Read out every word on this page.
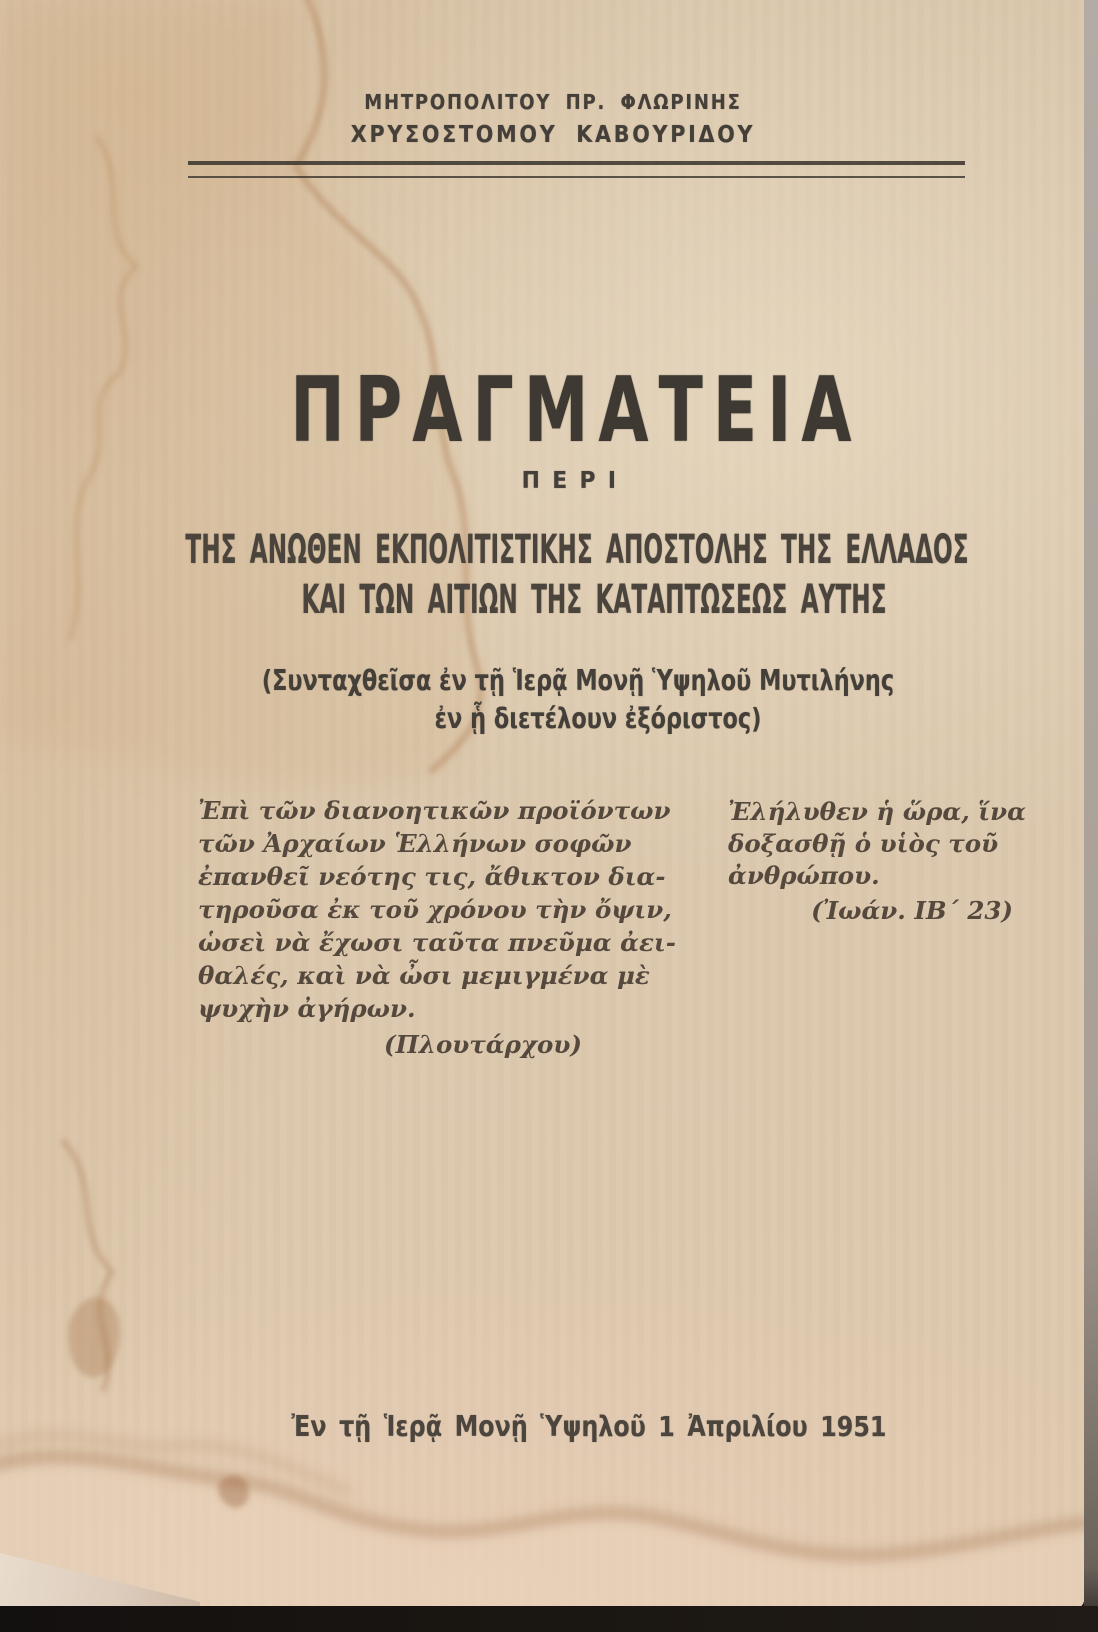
ΜΗΤΡΟΠΟΛΙΤΟΥ ΠΡ. ΦΛΩΡΙΝΗΣ
ΧΡΥΣΟΣΤΟΜΟΥ ΚΑΒΟΥΡΙΔΟΥ
ΠΡΑΓΜΑΤΕΙΑ
ΠΕΡΙ
ΤΗΣ ΑΝΩΘΕΝ ΕΚΠΟΛΙΤΙΣΤΙΚΗΣ ΑΠΟΣΤΟΛΗΣ ΤΗΣ ΕΛΛΑΔΟΣ
ΚΑΙ ΤΩΝ ΑΙΤΙΩΝ ΤΗΣ ΚΑΤΑΠΤΩΣΕΩΣ ΑΥΤΗΣ
(Συνταχθεῖσα ἐν τῇ Ἱερᾷ Μονῇ Ὑψηλοῦ Μυτιλήνης
ἐν ᾗ διετέλουν ἐξόριστος)
Ἐπὶ τῶν διανοητικῶν προϊόντων
τῶν Ἀρχαίων Ἑλλήνων σοφῶν
ἐπανθεῖ νεότης τις, ἄθικτον δια-
τηροῦσα ἐκ τοῦ χρόνου τὴν ὄψιν,
ὡσεὶ νὰ ἔχωσι ταῦτα πνεῦμα ἀει-
θαλές, καὶ νὰ ὦσι μεμιγμένα μὲ
ψυχὴν ἀγήρων.
(Πλουτάρχου)
Ἐλήλυθεν ἡ ὥρα, ἵνα
δοξασθῇ ὁ υἱὸς τοῦ
ἀνθρώπου.
(Ἰωάν. ΙΒ΄ 23)
Ἐν τῇ Ἱερᾷ Μονῇ Ὑψηλοῦ 1 Ἀπριλίου 1951
